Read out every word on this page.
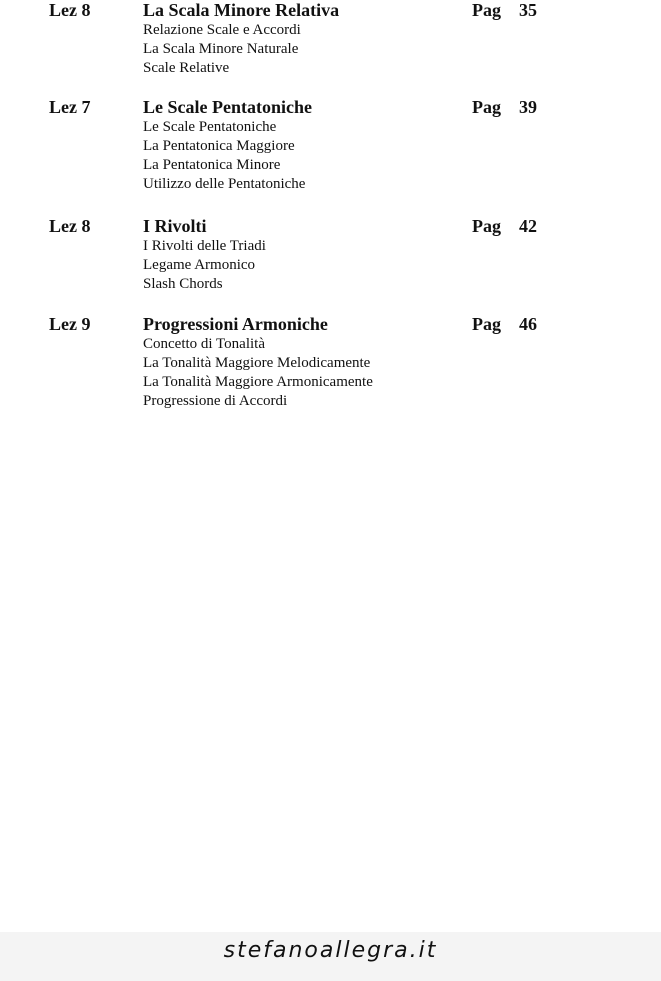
Lez 8	La Scala Minore Relativa	Pag 35
Relazione Scale e Accordi
La Scala Minore Naturale
Scale Relative
Lez 7	Le Scale Pentatoniche	Pag 39
Le Scale Pentatoniche
La Pentatonica Maggiore
La Pentatonica Minore
Utilizzo delle Pentatoniche
Lez 8	I Rivolti	Pag 42
I Rivolti delle Triadi
Legame Armonico
Slash Chords
Lez 9	Progressioni Armoniche	Pag 46
Concetto di Tonalità
La Tonalità Maggiore Melodicamente
La Tonalità Maggiore Armonicamente
Progressione di Accordi
stefanoallegra.it
